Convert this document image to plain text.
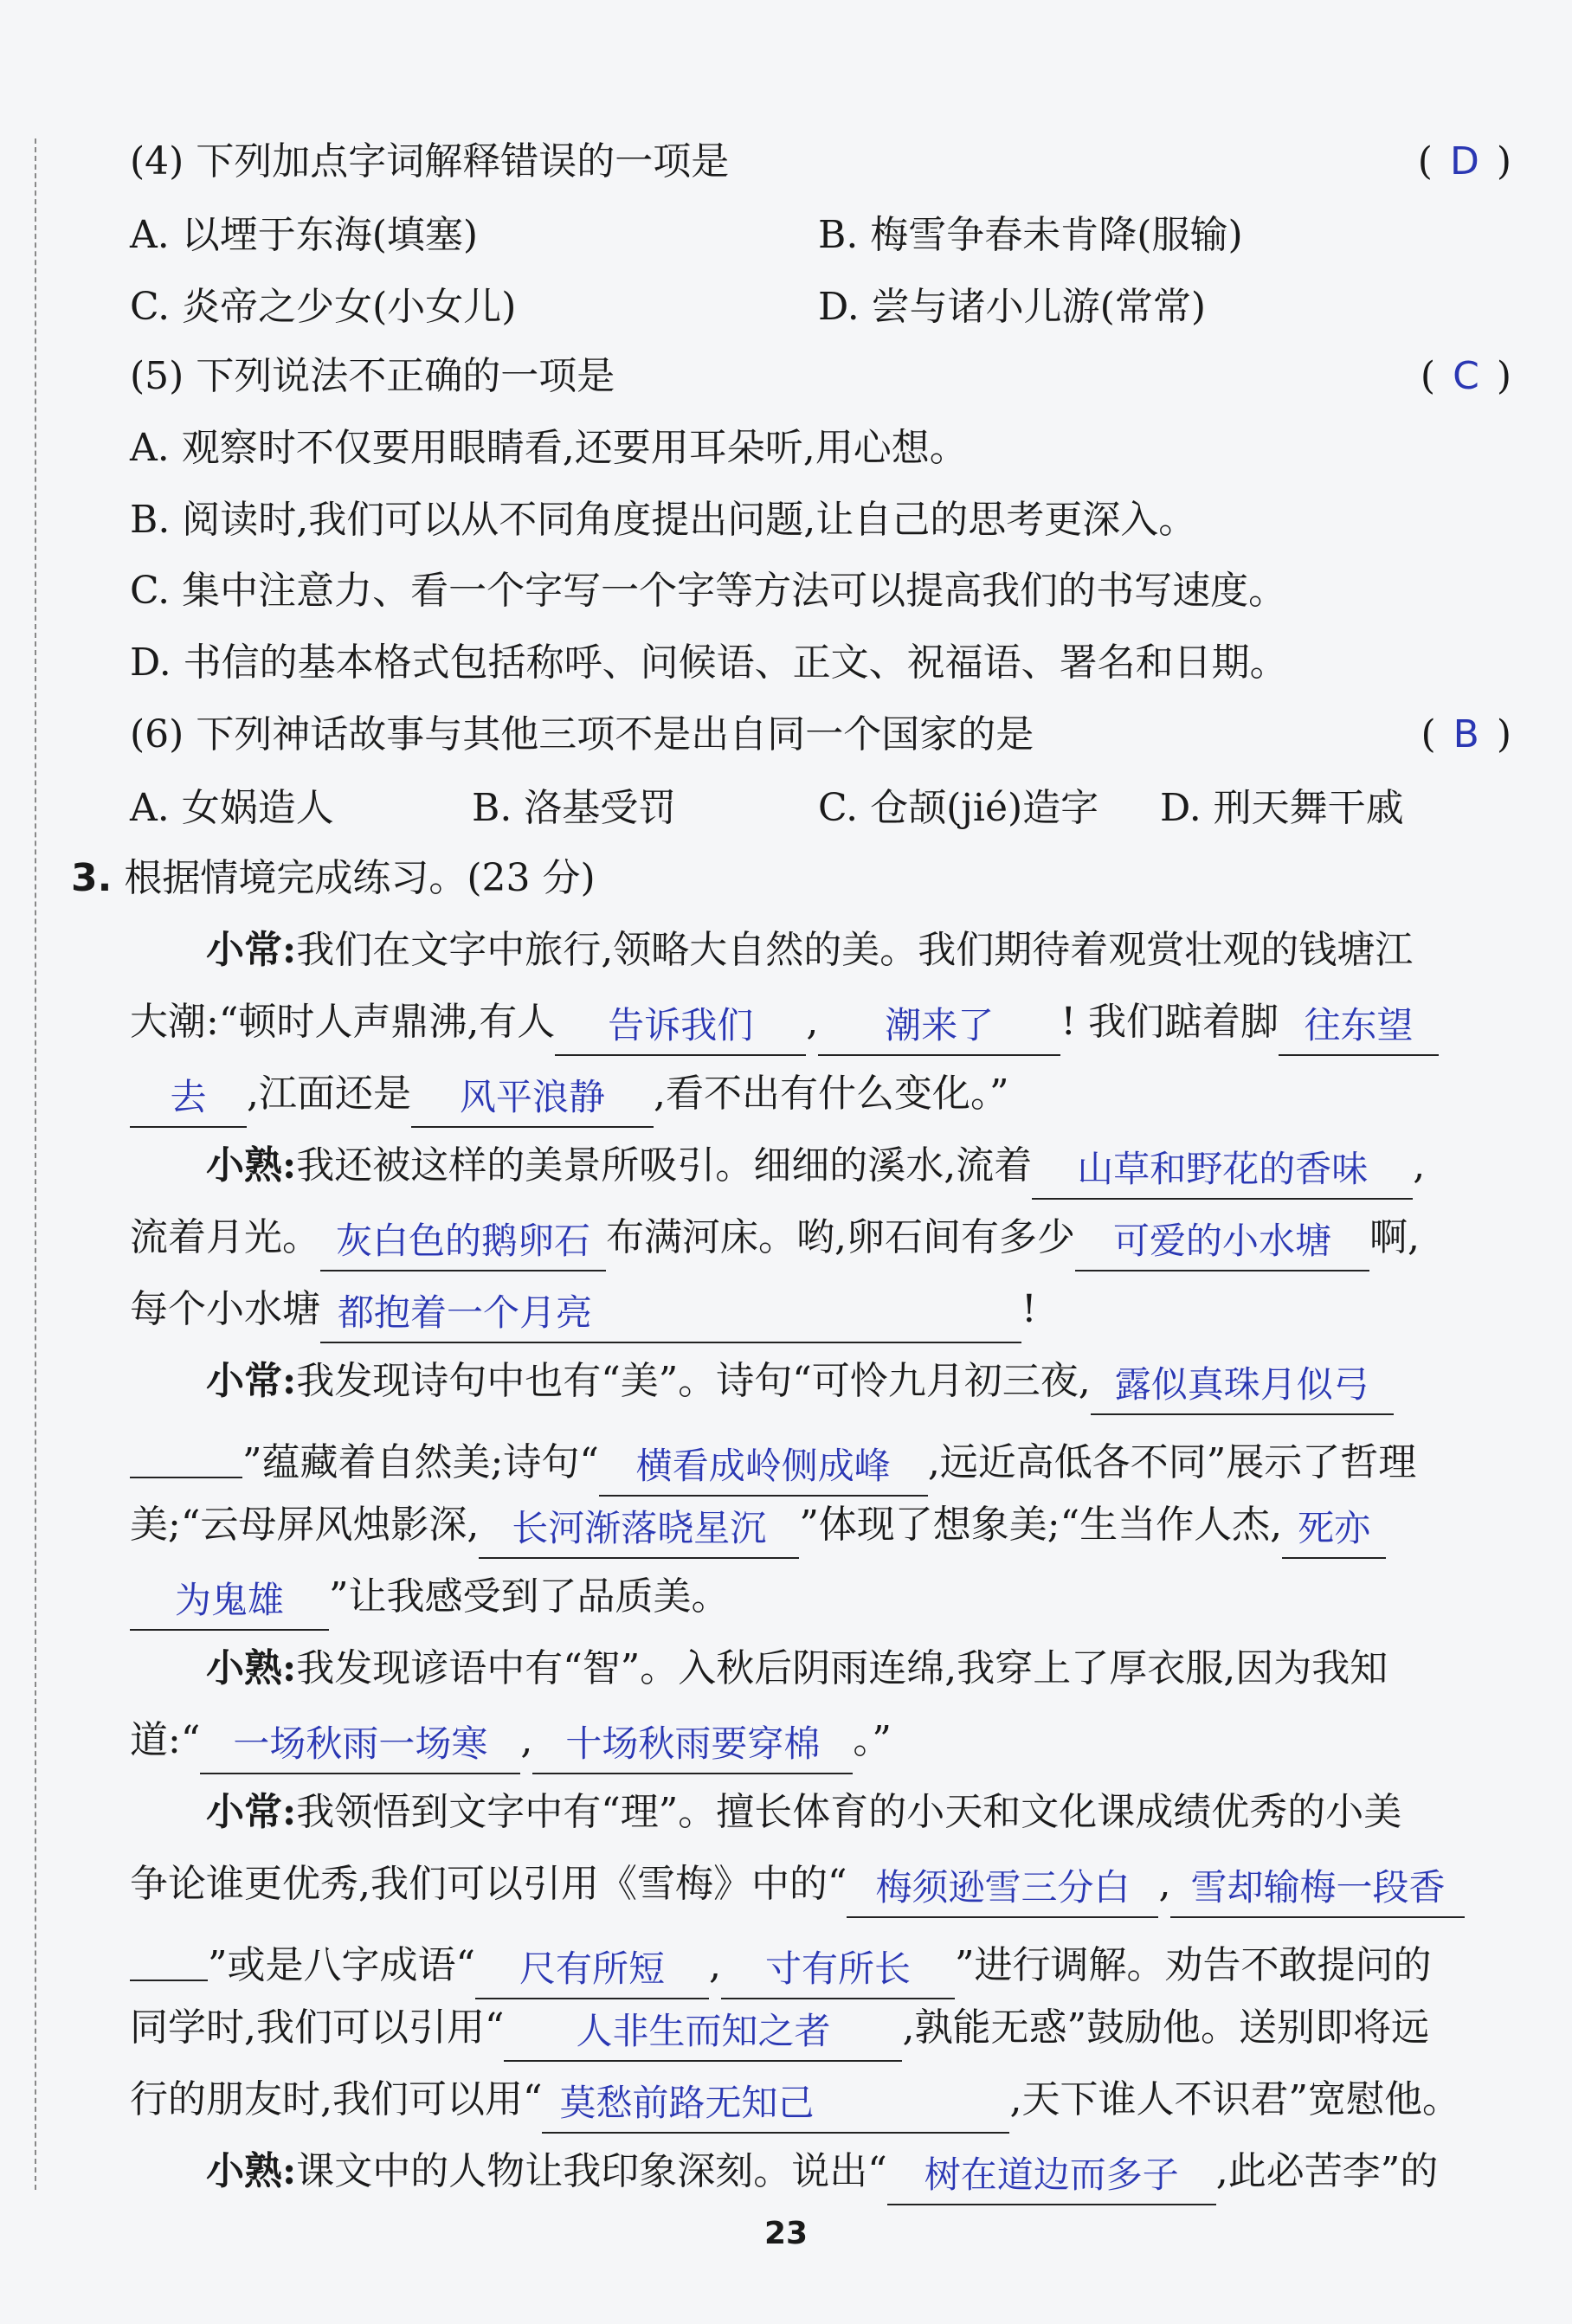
(4) 下列加点字词解释错误的一项是	( D )
A. 以堙于东海(填塞)	B. 梅雪争春未肯降(服输)
C. 炎帝之少女(小女儿)	D. 尝与诸小儿游(常常)
(5) 下列说法不正确的一项是	( C )
A. 观察时不仅要用眼睛看,还要用耳朵听,用心想。
B. 阅读时,我们可以从不同角度提出问题,让自己的思考更深入。
C. 集中注意力、看一个字写一个字等方法可以提高我们的书写速度。
D. 书信的基本格式包括称呼、问候语、正文、祝福语、署名和日期。
(6) 下列神话故事与其他三项不是出自同一个国家的是	( B )
A. 女娲造人	B. 洛基受罚	C. 仓颉(jié)造字 D. 刑天舞干戚
3. 根据情境完成练习。(23 分)
小常:我们在文字中旅行,领略大自然的美。我们期待着观赏壮观的钱塘江
大潮:“顿时人声鼎沸,有人 告诉我们 , 潮来了 ! 我们踮着脚 往东望
去 ,江面还是 风平浪静 ,看不出有什么变化。”
小熟:我还被这样的美景所吸引。细细的溪水,流着 山草和野花的香味 ,
流着月光。 灰白色的鹅卵石 布满河床。哟,卵石间有多少 可爱的小水塘 啊,
每个小水塘 都抱着一个月亮	!
小常:我发现诗句中也有“美”。诗句“可怜九月初三夜, 露似真珠月似弓
”蕴藏着自然美;诗句“ 横看成岭侧成峰 ,远近高低各不同”展示了哲理
美;“云母屏风烛影深, 长河渐落晓星沉 ”体现了想象美;“生当作人杰, 死亦
为鬼雄 ”让我感受到了品质美。
小熟:我发现谚语中有“智”。入秋后阴雨连绵,我穿上了厚衣服,因为我知
道:“ 一场秋雨一场寒 , 十场秋雨要穿棉 。”
小常:我领悟到文字中有“理”。擅长体育的小天和文化课成绩优秀的小美
争论谁更优秀,我们可以引用《雪梅》中的“ 梅须逊雪三分白 , 雪却输梅一段香
”或是八字成语“ 尺有所短 , 寸有所长 ”进行调解。劝告不敢提问的
同学时,我们可以引用“ 人非生而知之者 ,孰能无惑”鼓励他。送别即将远
行的朋友时,我们可以用“ 莫愁前路无知己	,天下谁人不识君”宽慰他。
小熟:课文中的人物让我印象深刻。说出“ 树在道边而多子 ,此必苦李”的
23
